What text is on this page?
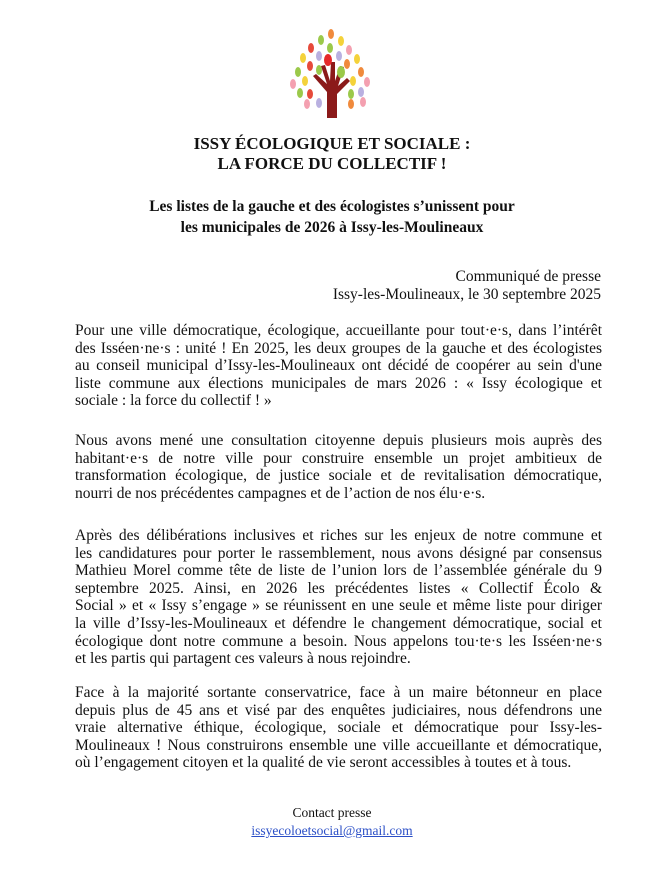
ISSY ÉCOLOGIQUE ET SOCIALE :
LA FORCE DU COLLECTIF !
Les listes de la gauche et des écologistes s’unissent pour
les municipales de 2026 à Issy-les-Moulineaux
Communiqué de presse
Issy-les-Moulineaux, le 30 septembre 2025
Pour une ville démocratique, écologique, accueillante pour tout·e·s, dans l’intérêt
des Isséen·ne·s : unité ! En 2025, les deux groupes de la gauche et des écologistes
au conseil municipal d’Issy-les-Moulineaux ont décidé de coopérer au sein d'une
liste commune aux élections municipales de mars 2026 : « Issy écologique et
sociale : la force du collectif ! »
Nous avons mené une consultation citoyenne depuis plusieurs mois auprès des
habitant·e·s de notre ville pour construire ensemble un projet ambitieux de
transformation écologique, de justice sociale et de revitalisation démocratique,
nourri de nos précédentes campagnes et de l’action de nos élu·e·s.
Après des délibérations inclusives et riches sur les enjeux de notre commune et
les candidatures pour porter le rassemblement, nous avons désigné par consensus
Mathieu Morel comme tête de liste de l’union lors de l’assemblée générale du 9
septembre 2025. Ainsi, en 2026 les précédentes listes « Collectif Écolo &
Social » et « Issy s’engage » se réunissent en une seule et même liste pour diriger
la ville d’Issy-les-Moulineaux et défendre le changement démocratique, social et
écologique dont notre commune a besoin. Nous appelons tou·te·s les Isséen·ne·s
et les partis qui partagent ces valeurs à nous rejoindre.
Face à la majorité sortante conservatrice, face à un maire bétonneur en place
depuis plus de 45 ans et visé par des enquêtes judiciaires, nous défendrons une
vraie alternative éthique, écologique, sociale et démocratique pour Issy-les-
Moulineaux ! Nous construirons ensemble une ville accueillante et démocratique,
où l’engagement citoyen et la qualité de vie seront accessibles à toutes et à tous.
Contact presse
issyecoloetsocial@gmail.com
